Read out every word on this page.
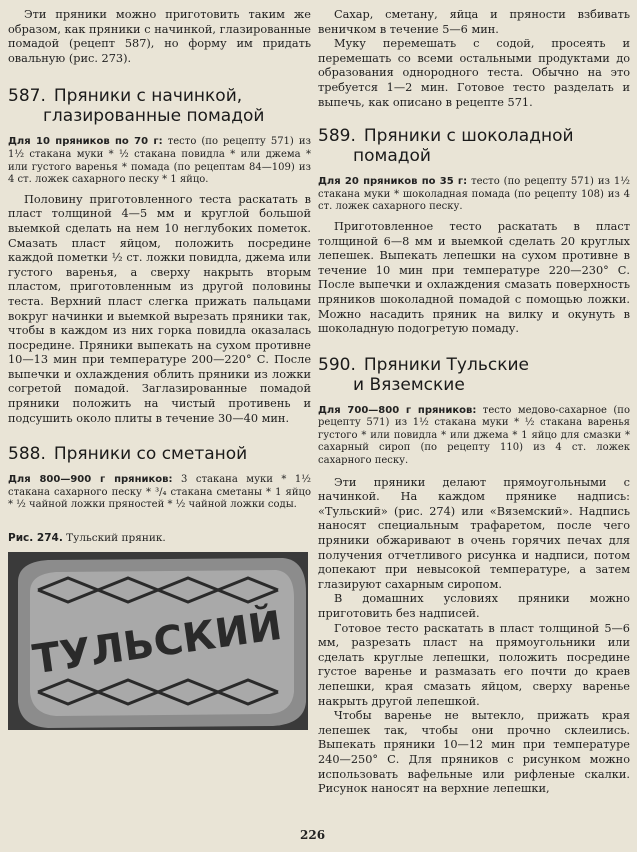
Эти пряники можно приготовить таким же образом, как пряники с начинкой, глазированные помадой (рецепт 587), но форму им придать овальную (рис. 273).

587. Пряники с начинкой,
глазированные помадой
Для 10 пряников по 70 г: тесто (по рецепту 571) из 1½ стакана муки * ½ стакана повидла * или джема * или густого варенья * помада (по рецептам 84—109) из 4 ст. ложек сахарного песку * 1 яйцо.

Половину приготовленного теста раскатать в пласт толщиной 4—5 мм и круглой большой выемкой сделать на нем 10 неглубоких пометок. Смазать пласт яйцом, положить посредине каждой пометки ½ ст. ложки повидла, джема или густого варенья, а сверху накрыть вторым пластом, приготовленным из другой половины теста. Верхний пласт слегка прижать пальцами вокруг начинки и выемкой вырезать пряники так, чтобы в каждом из них горка повидла оказалась посредине. Пряники выпекать на сухом противне 10—13 мин при температуре 200—220° С. После выпечки и охлаждения облить пряники из ложки согретой помадой. Заглазированные помадой пряники положить на чистый противень и подсушить около плиты в течение 30—40 мин.

588. Пряники со сметаной
Для 800—900 г пряников: 3 стакана муки * 1½ стакана сахарного песку * ³/₄ стакана сметаны * 1 яйцо * ½ чайной ложки пряностей * ½ чайной ложки соды.
Рис. 274. Тульский пряник.
ТУЛЬСКИЙ

Сахар, сметану, яйца и пряности взбивать веничком в течение 5—6 мин.

Муку перемешать с содой, просеять и перемешать со всеми остальными продуктами до образования однородного теста. Обычно на это требуется 1—2 мин. Готовое тесто разделать и выпечь, как описано в рецепте 571.

589. Пряники с шоколадной
помадой
Для 20 пряников по 35 г: тесто (по рецепту 571) из 1½ стакана муки * шоколадная помада (по рецепту 108) из 4 ст. ложек сахарного песку.

Приготовленное тесто раскатать в пласт толщиной 6—8 мм и выемкой сделать 20 круглых лепешек. Выпекать лепешки на сухом противне в течение 10 мин при температуре 220—230° С. После выпечки и охлаждения смазать поверхность пряников шоколадной помадой с помощью ложки. Можно насадить пряник на вилку и окунуть в шоколадную подогретую помаду.

590. Пряники Тульские
и Вяземские
Для 700—800 г пряников: тесто медово-сахарное (по рецепту 571) из 1½ стакана муки * ½ стакана варенья густого * или повидла * или джема * 1 яйцо для смазки * сахарный сироп (по рецепту 110) из 4 ст. ложек сахарного песку.

Эти пряники делают прямоугольными с начинкой. На каждом прянике надпись: «Тульский» (рис. 274) или «Вяземский». Надпись наносят специальным трафаретом, после чего пряники обжаривают в очень горячих печах для получения отчетливого рисунка и надписи, потом допекают при невысокой температуре, а затем глазируют сахарным сиропом.

В домашних условиях пряники можно приготовить без надписей.

Готовое тесто раскатать в пласт толщиной 5—6 мм, разрезать пласт на прямоугольники или сделать круглые лепешки, положить посредине густое варенье и размазать его почти до краев лепешки, края смазать яйцом, сверху варенье накрыть другой лепешкой.

Чтобы варенье не вытекло, прижать края лепешек так, чтобы они прочно склеились. Выпекать пряники 10—12 мин при температуре 240—250° С. Для пряников с рисунком можно использовать вафельные или рифленые скалки. Рисунок наносят на верхние лепешки,

226
